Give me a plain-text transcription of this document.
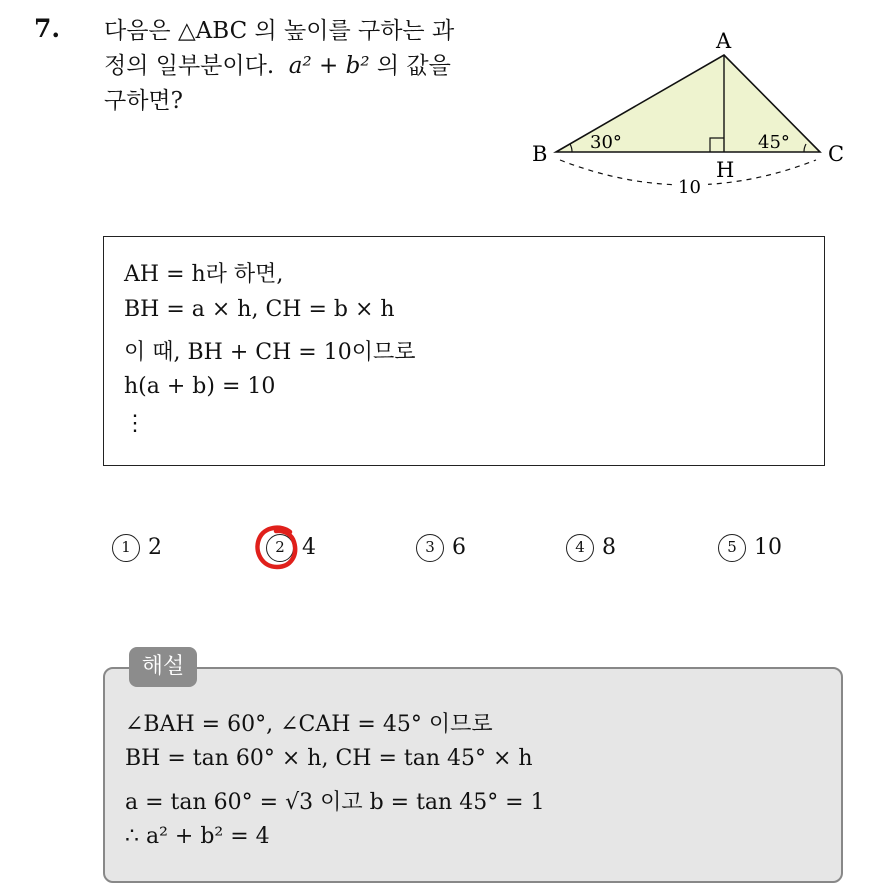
7. 다음은 △ABC 의 높이를 구하는 과
정의 일부분이다. a² + b² 의 값을
구하면?
A
B	C
H
30°	45°
10
AH = h라 하면,
BH = a × h, CH = b × h
이 때, BH + CH = 10이므로
h(a + b) = 10
⋮
1 2	2 4	3 6	4 8	5 10
∠BAH = 60°, ∠CAH = 45° 이므로
BH = tan 60° × h, CH = tan 45° × h
a = tan 60° = √3 이고 b = tan 45° = 1
∴ a² + b² = 4
해설
